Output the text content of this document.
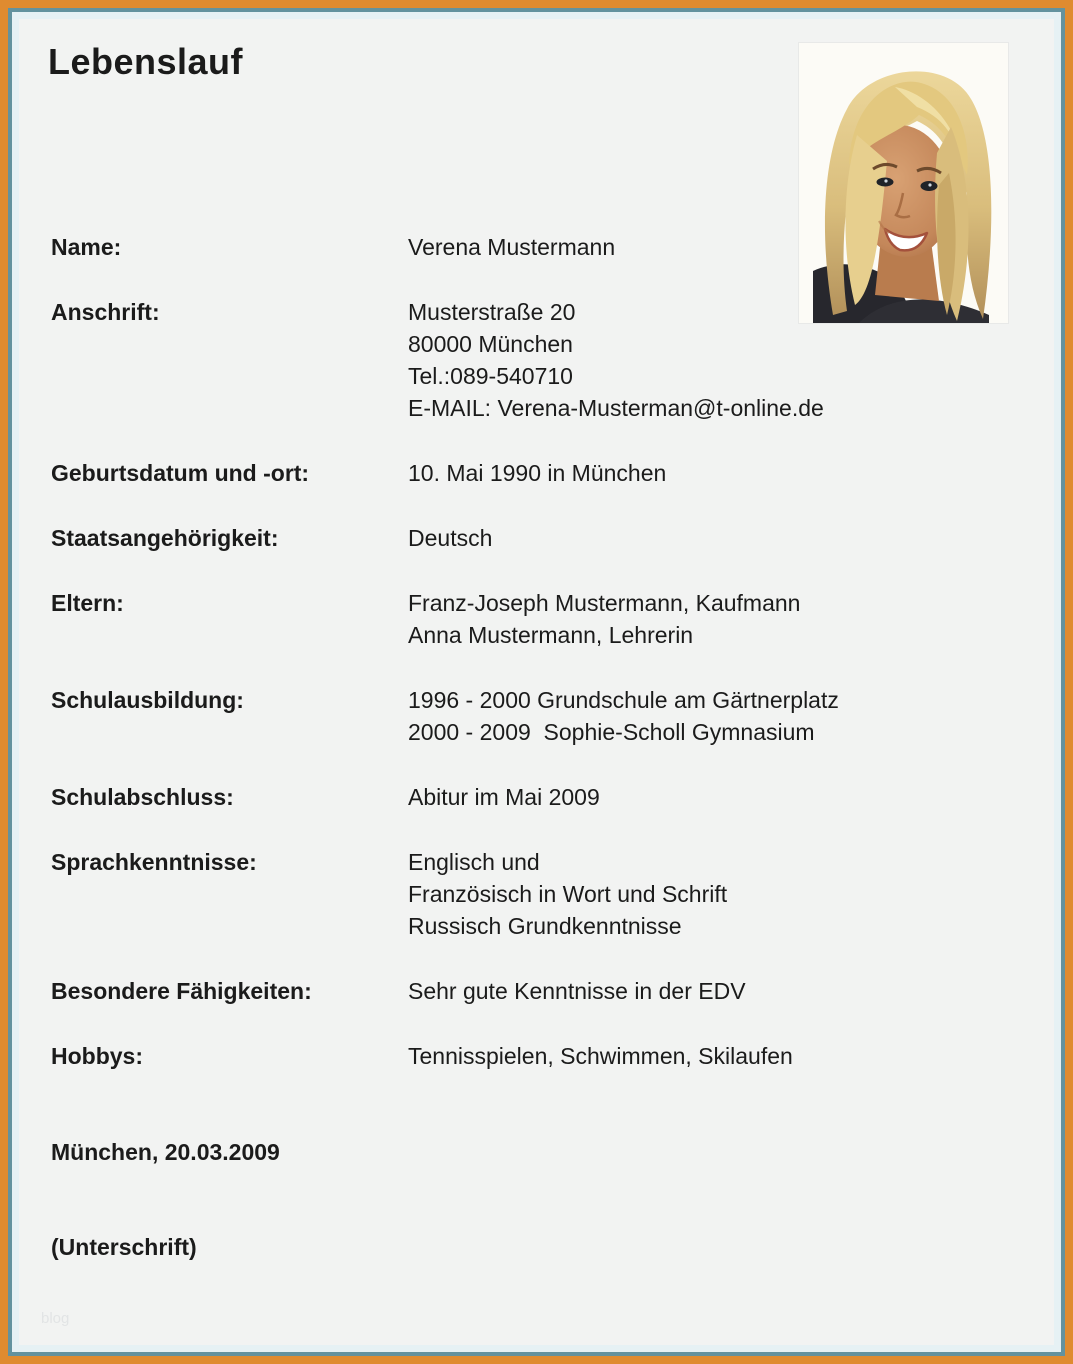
Lebenslauf
Name:	Verena Mustermann
Anschrift:	Musterstraße 20
80000 München
Tel.:089-540710
E-MAIL: Verena-Musterman@t-online.de
Geburtsdatum und -ort:	10. Mai 1990 in München
Staatsangehörigkeit:	Deutsch
Eltern:	Franz-Joseph Mustermann, Kaufmann
Anna Mustermann, Lehrerin
Schulausbildung:	1996 - 2000 Grundschule am Gärtnerplatz
2000 - 2009  Sophie-Scholl Gymnasium
Schulabschluss:	Abitur im Mai 2009
Sprachkenntnisse:	Englisch und
Französisch in Wort und Schrift
Russisch Grundkenntnisse
Besondere Fähigkeiten:	Sehr gute Kenntnisse in der EDV
Hobbys:	Tennisspielen, Schwimmen, Skilaufen
München, 20.03.2009
(Unterschrift)
blog
